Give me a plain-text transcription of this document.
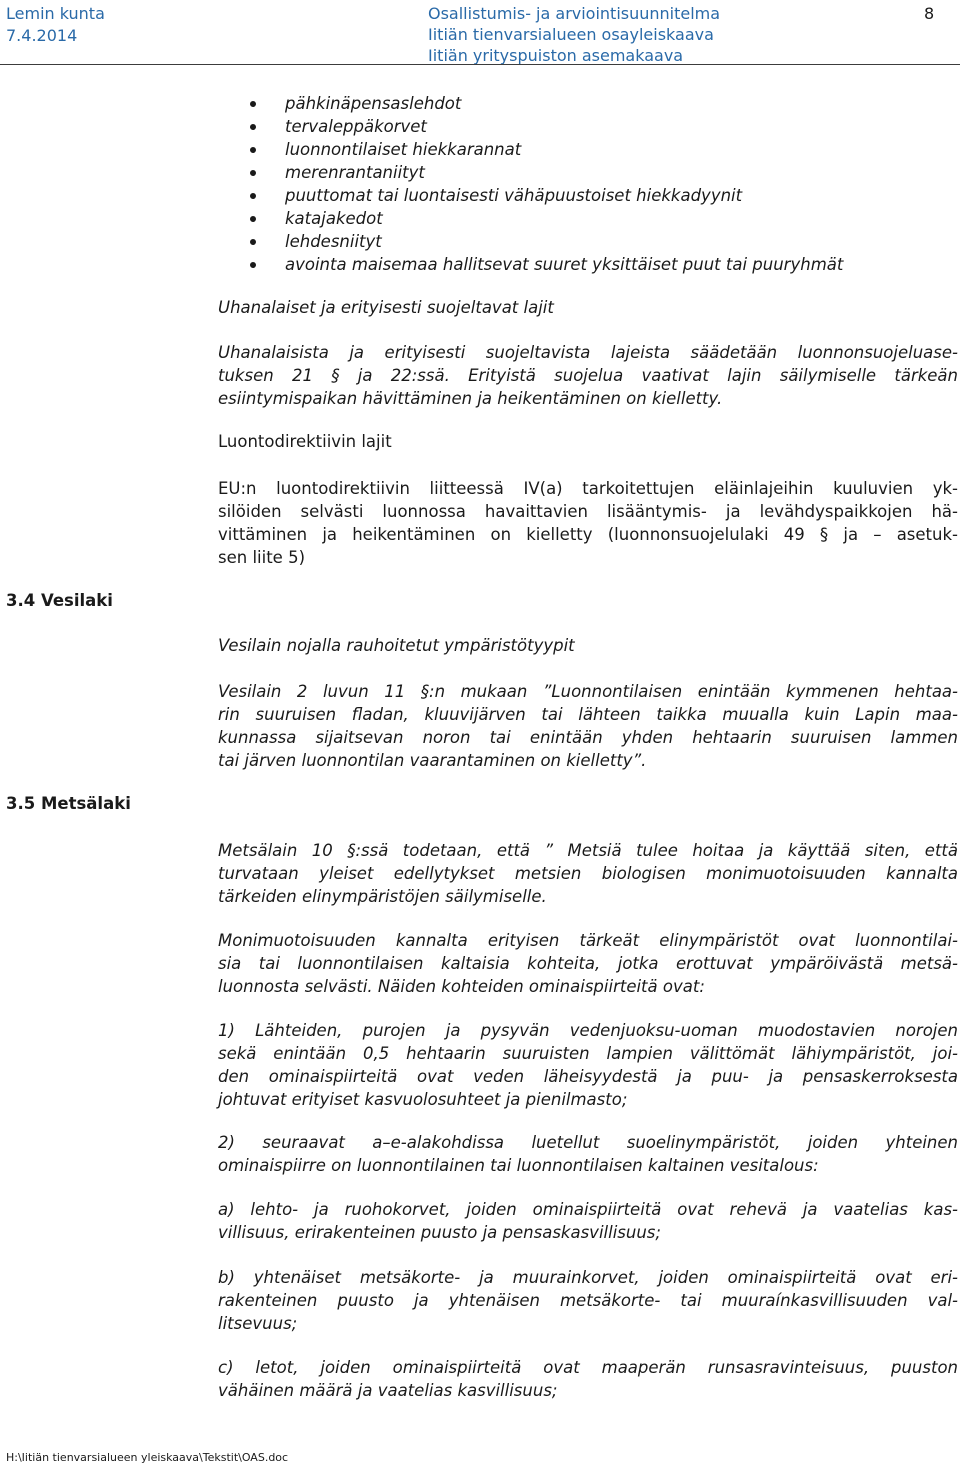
Lemin kunta
7.4.2014
Osallistumis- ja arviointisuunnitelma
Iitiän tienvarsialueen osayleiskaava
Iitiän yrityspuiston asemakaava
8
pähkinäpensaslehdot
tervaleppäkorvet
luonnontilaiset hiekkarannat
merenrantaniityt
puuttomat tai luontaisesti vähäpuustoiset hiekkadyynit
katajakedot
lehdesniityt
avointa maisemaa hallitsevat suuret yksittäiset puut tai puuryhmät
Uhanalaiset ja erityisesti suojeltavat lajit
Uhanalaisista ja erityisesti suojeltavista lajeista säädetään luonnonsuojeluase-
tuksen 21 § ja 22:ssä. Erityistä suojelua vaativat lajin säilymiselle tärkeän
esiintymispaikan hävittäminen ja heikentäminen on kielletty.
Luontodirektiivin lajit
EU:n luontodirektiivin liitteessä IV(a) tarkoitettujen eläinlajeihin kuuluvien yk-
silöiden selvästi luonnossa havaittavien lisääntymis- ja levähdyspaikkojen hä-
vittäminen ja heikentäminen on kielletty (luonnonsuojelulaki 49 § ja – asetuk-
sen liite 5)
3.4 Vesilaki
Vesilain nojalla rauhoitetut ympäristötyypit
Vesilain 2 luvun 11 §:n mukaan ”Luonnontilaisen enintään kymmenen hehtaa-
rin suuruisen fladan, kluuvijärven tai lähteen taikka muualla kuin Lapin maa-
kunnassa sijaitsevan noron tai enintään yhden hehtaarin suuruisen lammen
tai järven luonnontilan vaarantaminen on kielletty”.
3.5 Metsälaki
Metsälain 10 §:ssä todetaan, että ” Metsiä tulee hoitaa ja käyttää siten, että
turvataan yleiset edellytykset metsien biologisen monimuotoisuuden kannalta
tärkeiden elinympäristöjen säilymiselle.
Monimuotoisuuden kannalta erityisen tärkeät elinympäristöt ovat luonnontilai-
sia tai luonnontilaisen kaltaisia kohteita, jotka erottuvat ympäröivästä metsä-
luonnosta selvästi. Näiden kohteiden ominaispiirteitä ovat:
1) Lähteiden, purojen ja pysyvän vedenjuoksu-uoman muodostavien norojen
sekä enintään 0,5 hehtaarin suuruisten lampien välittömät lähiympäristöt, joi-
den ominaispiirteitä ovat veden läheisyydestä ja puu- ja pensaskerroksesta
johtuvat erityiset kasvuolosuhteet ja pienilmasto;
2) seuraavat a–e-alakohdissa luetellut suoelinympäristöt, joiden yhteinen
ominaispiirre on luonnontilainen tai luonnontilaisen kaltainen vesitalous:
a) lehto- ja ruohokorvet, joiden ominaispiirteitä ovat rehevä ja vaatelias kas-
villisuus, erirakenteinen puusto ja pensaskasvillisuus;
b) yhtenäiset metsäkorte- ja muurainkorvet, joiden ominaispiirteitä ovat eri-
rakenteinen puusto ja yhtenäisen metsäkorte- tai muuraínkasvillisuuden val-
litsevuus;
c) letot, joiden ominaispiirteitä ovat maaperän runsasravinteisuus, puuston
vähäinen määrä ja vaatelias kasvillisuus;
H:\Iitiän tienvarsialueen yleiskaava\Tekstit\OAS.doc
